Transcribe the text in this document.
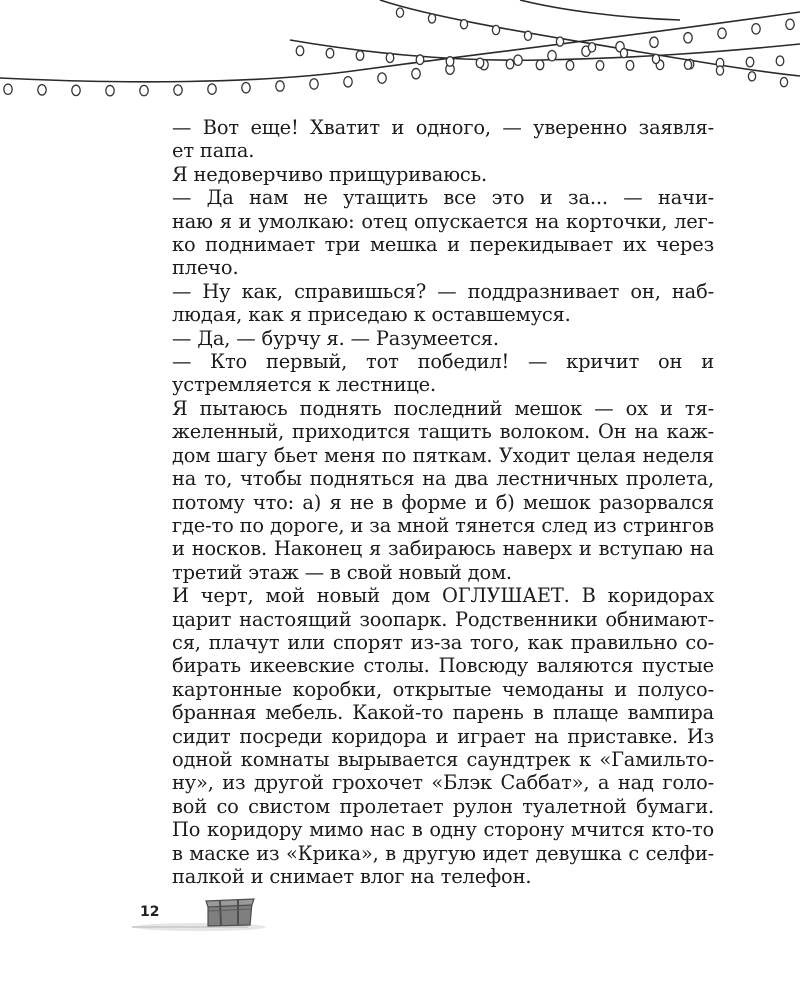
— Вот еще! Хватит и одного, — уверенно заявля-
ет папа.

Я недоверчиво прищуриваюсь.

— Да нам не утащить все это и за... — начи-
наю я и умолкаю: отец опускается на корточки, лег-
ко поднимает три мешка и перекидывает их через
плечо.

— Ну как, справишься? — поддразнивает он, наб-
людая, как я приседаю к оставшемуся.

— Да, — бурчу я. — Разумеется.

— Кто первый, тот победил! — кричит он и
устремляется к лестнице.

Я пытаюсь поднять последний мешок — ох и тя-
желенный, приходится тащить волоком. Он на каж-
дом шагу бьет меня по пяткам. Уходит целая неделя
на то, чтобы подняться на два лестничных пролета,
потому что: а) я не в форме и б) мешок разорвался
где-то по дороге, и за мной тянется след из стрингов
и носков. Наконец я забираюсь наверх и вступаю на
третий этаж — в свой новый дом.

И черт, мой новый дом ОГЛУШАЕТ. В коридорах
царит настоящий зоопарк. Родственники обнимают-
ся, плачут или спорят из-за того, как правильно со-
бирать икеевские столы. Повсюду валяются пустые
картонные коробки, открытые чемоданы и полусо-
бранная мебель. Какой-то парень в плаще вампира
сидит посреди коридора и играет на приставке. Из
одной комнаты вырывается саундтрек к «Гамильто-
ну», из другой грохочет «Блэк Саббат», а над голо-
вой со свистом пролетает рулон туалетной бумаги.
По коридору мимо нас в одну сторону мчится кто-то
в маске из «Крика», в другую идет девушка с селфи-
палкой и снимает влог на телефон.

12
